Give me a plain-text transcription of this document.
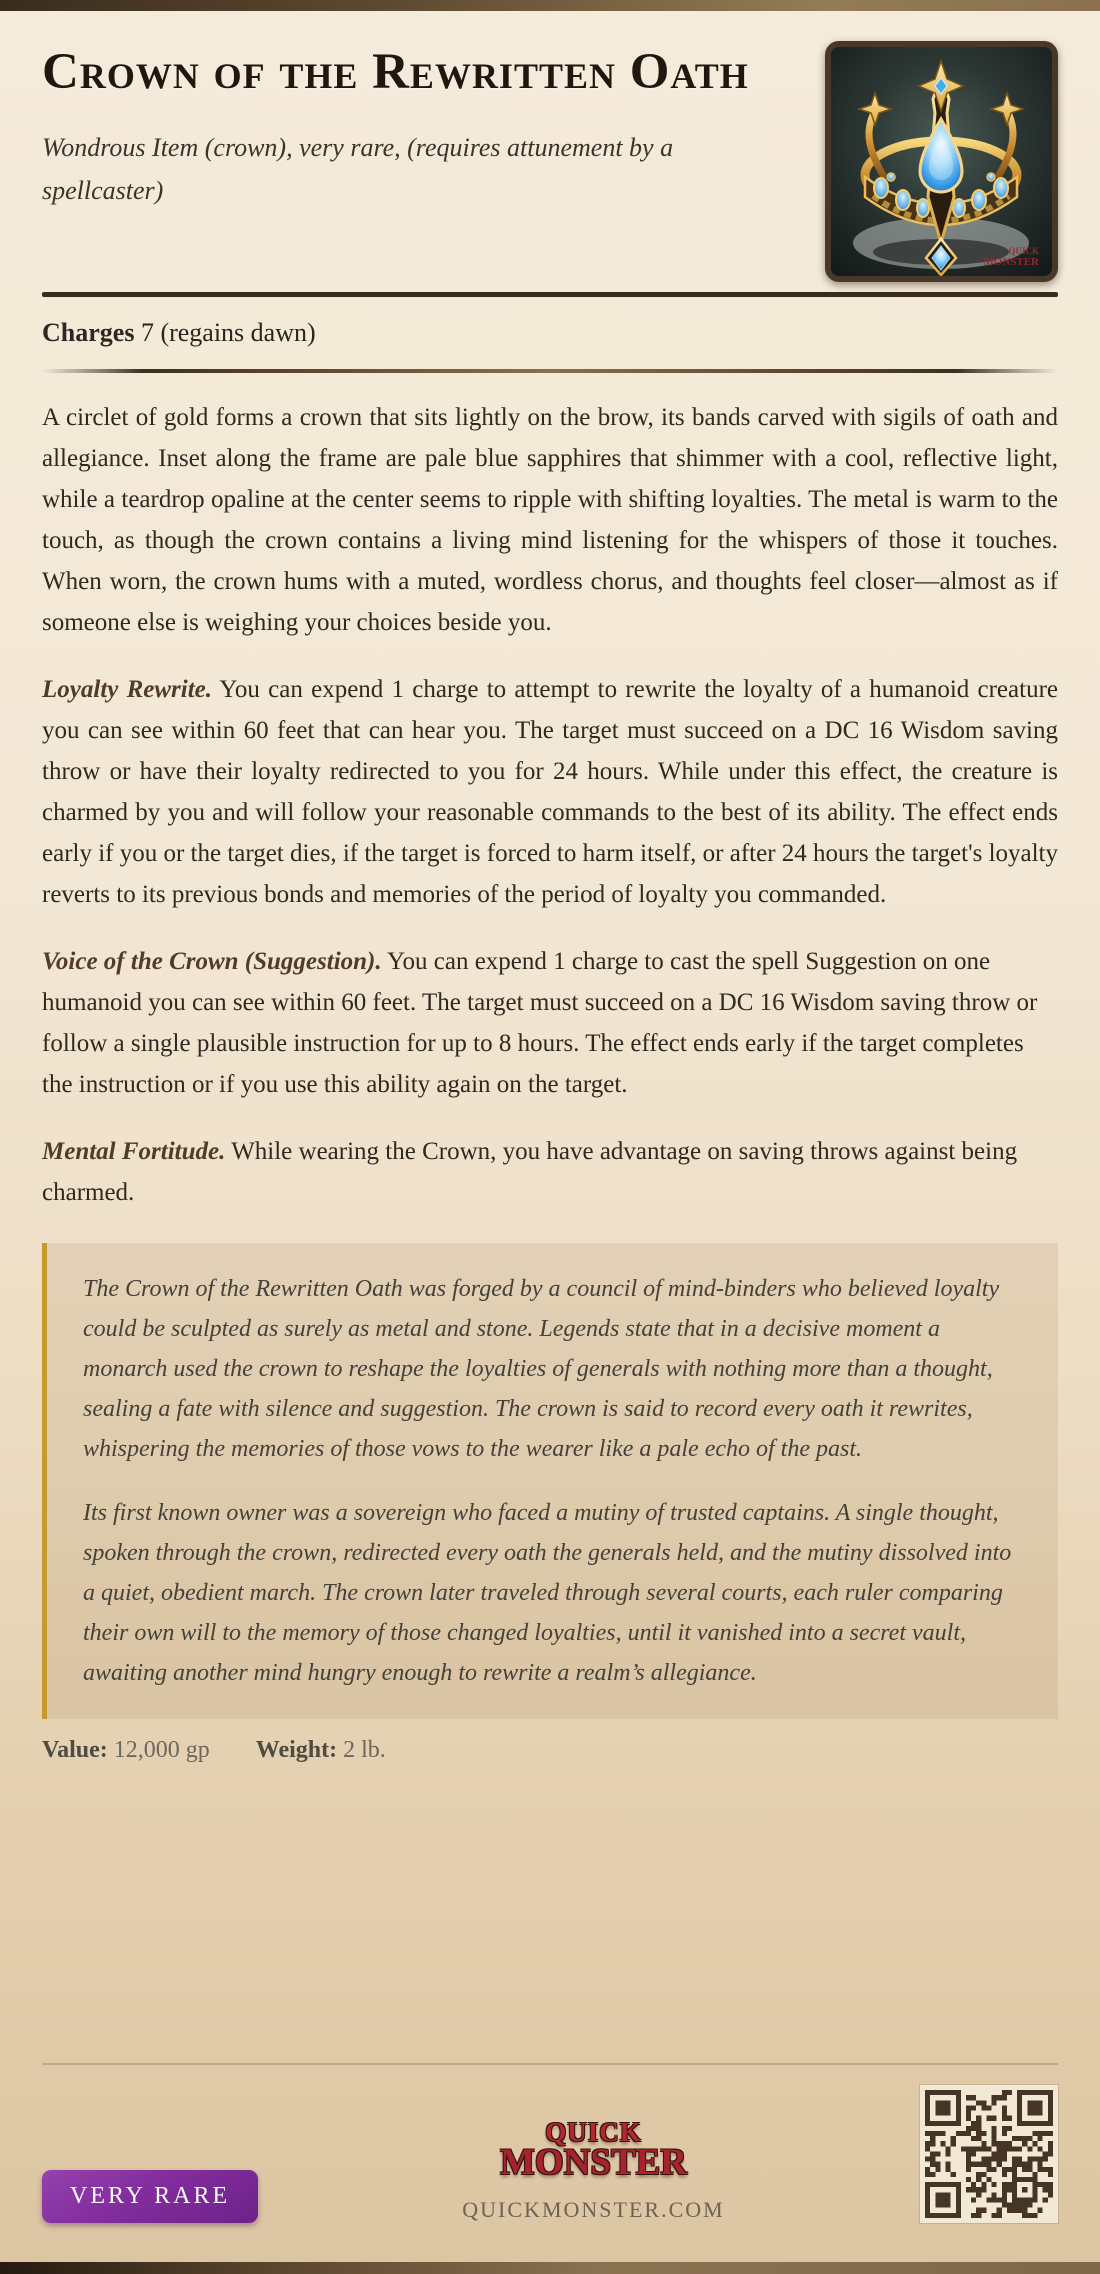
Crown of the Rewritten Oath
Wondrous Item (crown), very rare, (requires attunement by a spellcaster)
QUICK
MONSTER
Charges 7 (regains dawn)

A circlet of gold forms a crown that sits lightly on the brow, its bands carved with sigils of oath and allegiance. Inset along the frame are pale blue sapphires that shimmer with a cool, reflective light, while a teardrop opaline at the center seems to ripple with shifting loyalties. The metal is warm to the touch, as though the crown contains a living mind listening for the whispers of those it touches. When worn, the crown hums with a muted, wordless chorus, and thoughts feel closer—almost as if someone else is weighing your choices beside you.

Loyalty Rewrite. You can expend 1 charge to attempt to rewrite the loyalty of a humanoid creature you can see within 60 feet that can hear you. The target must succeed on a DC 16 Wisdom saving throw or have their loyalty redirected to you for 24 hours. While under this effect, the creature is charmed by you and will follow your reasonable commands to the best of its ability. The effect ends early if you or the target dies, if the target is forced to harm itself, or after 24 hours the target's loyalty reverts to its previous bonds and memories of the period of loyalty you commanded.

Voice of the Crown (Suggestion). You can expend 1 charge to cast the spell Suggestion on one humanoid you can see within 60 feet. The target must succeed on a DC 16 Wisdom saving throw or follow a single plausible instruction for up to 8 hours. The effect ends early if the target completes the instruction or if you use this ability again on the target.

Mental Fortitude. While wearing the Crown, you have advantage on saving throws against being charmed.

The Crown of the Rewritten Oath was forged by a council of mind-binders who believed loyalty could be sculpted as surely as metal and stone. Legends state that in a decisive moment a monarch used the crown to reshape the loyalties of generals with nothing more than a thought, sealing a fate with silence and suggestion. The crown is said to record every oath it rewrites, whispering the memories of those vows to the wearer like a pale echo of the past.

Its first known owner was a sovereign who faced a mutiny of trusted captains. A single thought, spoken through the crown, redirected every oath the generals held, and the mutiny dissolved into a quiet, obedient march. The crown later traveled through several courts, each ruler comparing their own will to the memory of those changed loyalties, until it vanished into a secret vault, awaiting another mind hungry enough to rewrite a realm’s allegiance.

Value: 12,000 gp Weight: 2 lb.
VERY RARE
QUICK
MONSTER
QUICKMONSTER.COM
